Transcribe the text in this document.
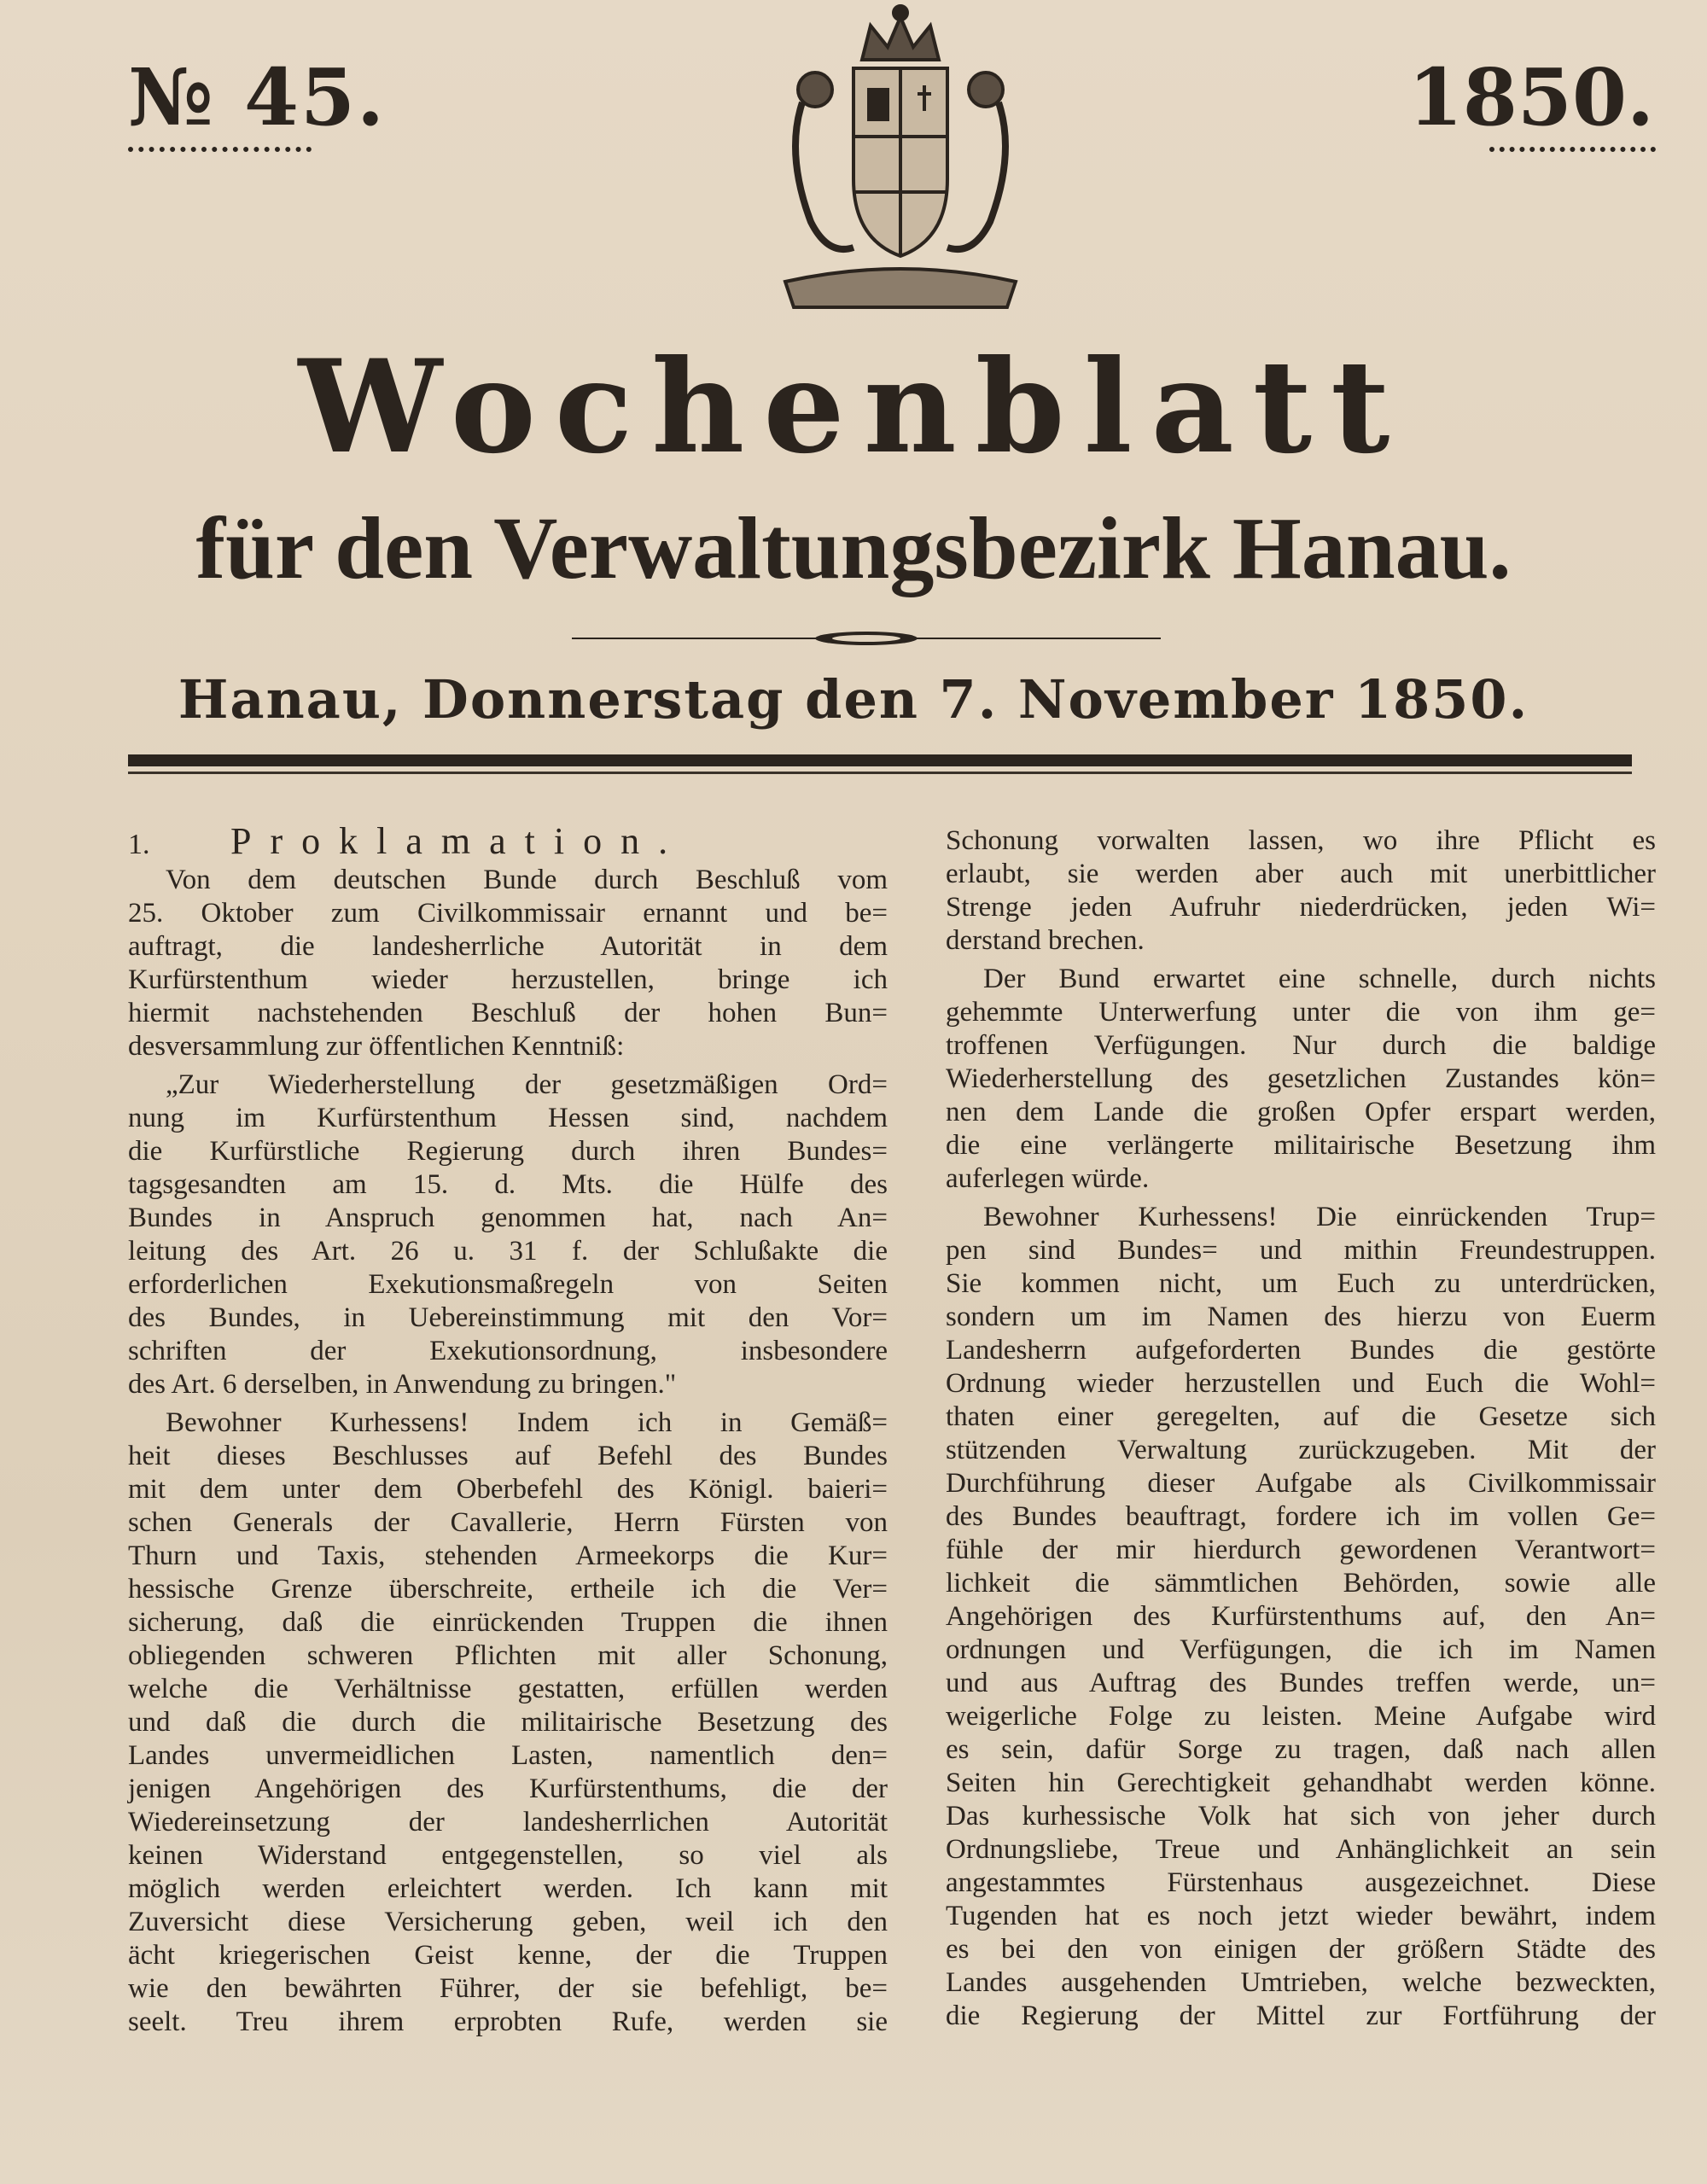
№ 45.	1850.
Wochenblatt
für den Verwaltungsbezirk Hanau.
Hanau, Donnerstag den 7. November 1850.
1.	Proklamation.
Von dem deutschen Bunde durch Beschluß vom
25. Oktober zum Civilkommissair ernannt und be=
auftragt, die landesherrliche Autorität in dem
Kurfürstenthum wieder herzustellen, bringe ich
hiermit nachstehenden Beschluß der hohen Bun=
desversammlung zur öffentlichen Kenntniß:
„Zur Wiederherstellung der gesetzmäßigen Ord=
nung im Kurfürstenthum Hessen sind, nachdem
die Kurfürstliche Regierung durch ihren Bundes=
tagsgesandten am 15. d. Mts. die Hülfe des
Bundes in Anspruch genommen hat, nach An=
leitung des Art. 26 u. 31 f. der Schlußakte die
erforderlichen Exekutionsmaßregeln von Seiten
des Bundes, in Uebereinstimmung mit den Vor=
schriften der Exekutionsordnung, insbesondere
des Art. 6 derselben, in Anwendung zu bringen."
Bewohner Kurhessens! Indem ich in Gemäß=
heit dieses Beschlusses auf Befehl des Bundes
mit dem unter dem Oberbefehl des Königl. baieri=
schen Generals der Cavallerie, Herrn Fürsten von
Thurn und Taxis, stehenden Armeekorps die Kur=
hessische Grenze überschreite, ertheile ich die Ver=
sicherung, daß die einrückenden Truppen die ihnen
obliegenden schweren Pflichten mit aller Schonung,
welche die Verhältnisse gestatten, erfüllen werden
und daß die durch die militairische Besetzung des
Landes unvermeidlichen Lasten, namentlich den=
jenigen Angehörigen des Kurfürstenthums, die der
Wiedereinsetzung der landesherrlichen Autorität
keinen Widerstand entgegenstellen, so viel als
möglich werden erleichtert werden. Ich kann mit
Zuversicht diese Versicherung geben, weil ich den
ächt kriegerischen Geist kenne, der die Truppen
wie den bewährten Führer, der sie befehligt, be=
seelt. Treu ihrem erprobten Rufe, werden sie
Schonung vorwalten lassen, wo ihre Pflicht es
erlaubt, sie werden aber auch mit unerbittlicher
Strenge jeden Aufruhr niederdrücken, jeden Wi=
derstand brechen.
Der Bund erwartet eine schnelle, durch nichts
gehemmte Unterwerfung unter die von ihm ge=
troffenen Verfügungen. Nur durch die baldige
Wiederherstellung des gesetzlichen Zustandes kön=
nen dem Lande die großen Opfer erspart werden,
die eine verlängerte militairische Besetzung ihm
auferlegen würde.
Bewohner Kurhessens! Die einrückenden Trup=
pen sind Bundes= und mithin Freundestruppen.
Sie kommen nicht, um Euch zu unterdrücken,
sondern um im Namen des hierzu von Euerm
Landesherrn aufgeforderten Bundes die gestörte
Ordnung wieder herzustellen und Euch die Wohl=
thaten einer geregelten, auf die Gesetze sich
stützenden Verwaltung zurückzugeben. Mit der
Durchführung dieser Aufgabe als Civilkommissair
des Bundes beauftragt, fordere ich im vollen Ge=
fühle der mir hierdurch gewordenen Verantwort=
lichkeit die sämmtlichen Behörden, sowie alle
Angehörigen des Kurfürstenthums auf, den An=
ordnungen und Verfügungen, die ich im Namen
und aus Auftrag des Bundes treffen werde, un=
weigerliche Folge zu leisten. Meine Aufgabe wird
es sein, dafür Sorge zu tragen, daß nach allen
Seiten hin Gerechtigkeit gehandhabt werden könne.
Das kurhessische Volk hat sich von jeher durch
Ordnungsliebe, Treue und Anhänglichkeit an sein
angestammtes Fürstenhaus ausgezeichnet. Diese
Tugenden hat es noch jetzt wieder bewährt, indem
es bei den von einigen der größern Städte des
Landes ausgehenden Umtrieben, welche bezweckten,
die Regierung der Mittel zur Fortführung der
